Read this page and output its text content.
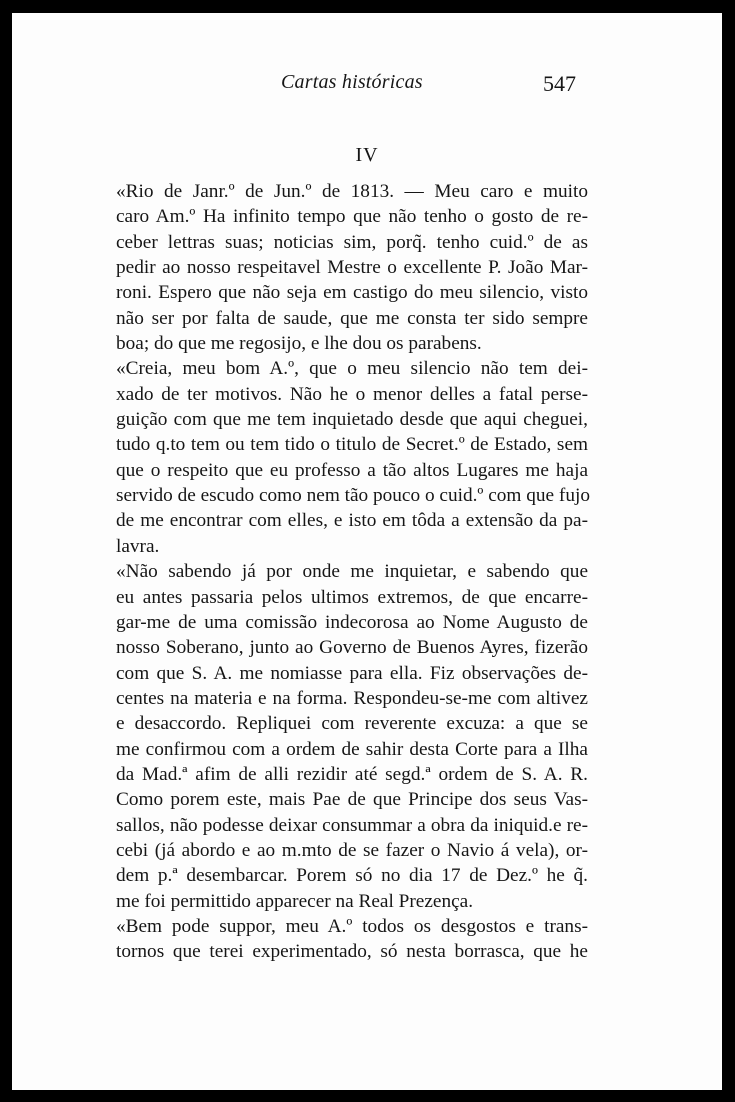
Cartas históricas	547
IV
«Rio de Janr.º de Jun.º de 1813. — Meu caro e muito
caro Am.º Ha infinito tempo que não tenho o gosto de re-
ceber lettras suas; noticias sim, porq̃. tenho cuid.º de as
pedir ao nosso respeitavel Mestre o excellente P. João Mar-
roni. Espero que não seja em castigo do meu silencio, visto
não ser por falta de saude, que me consta ter sido sempre
boa; do que me regosijo, e lhe dou os parabens.
«Creia, meu bom A.º, que o meu silencio não tem dei-
xado de ter motivos. Não he o menor delles a fatal perse-
guição com que me tem inquietado desde que aqui cheguei,
tudo q.to tem ou tem tido o titulo de Secret.º de Estado, sem
que o respeito que eu professo a tão altos Lugares me haja
servido de escudo como nem tão pouco o cuid.º com que fujo
de me encontrar com elles, e isto em tôda a extensão da pa-
lavra.
«Não sabendo já por onde me inquietar, e sabendo que
eu antes passaria pelos ultimos extremos, de que encarre-
gar-me de uma comissão indecorosa ao Nome Augusto de
nosso Soberano, junto ao Governo de Buenos Ayres, fizerão
com que S. A. me nomiasse para ella. Fiz observações de-
centes na materia e na forma. Respondeu-se-me com altivez
e desaccordo. Repliquei com reverente excuza: a que se
me confirmou com a ordem de sahir desta Corte para a Ilha
da Mad.ª afim de alli rezidir até segd.ª ordem de S. A. R.
Como porem este, mais Pae de que Principe dos seus Vas-
sallos, não podesse deixar consummar a obra da iniquid.e re-
cebi (já abordo e ao m.mto de se fazer o Navio á vela), or-
dem p.ª desembarcar. Porem só no dia 17 de Dez.º he q̃.
me foi permittido apparecer na Real Prezença.
«Bem pode suppor, meu A.º todos os desgostos e trans-
tornos que terei experimentado, só nesta borrasca, que he
